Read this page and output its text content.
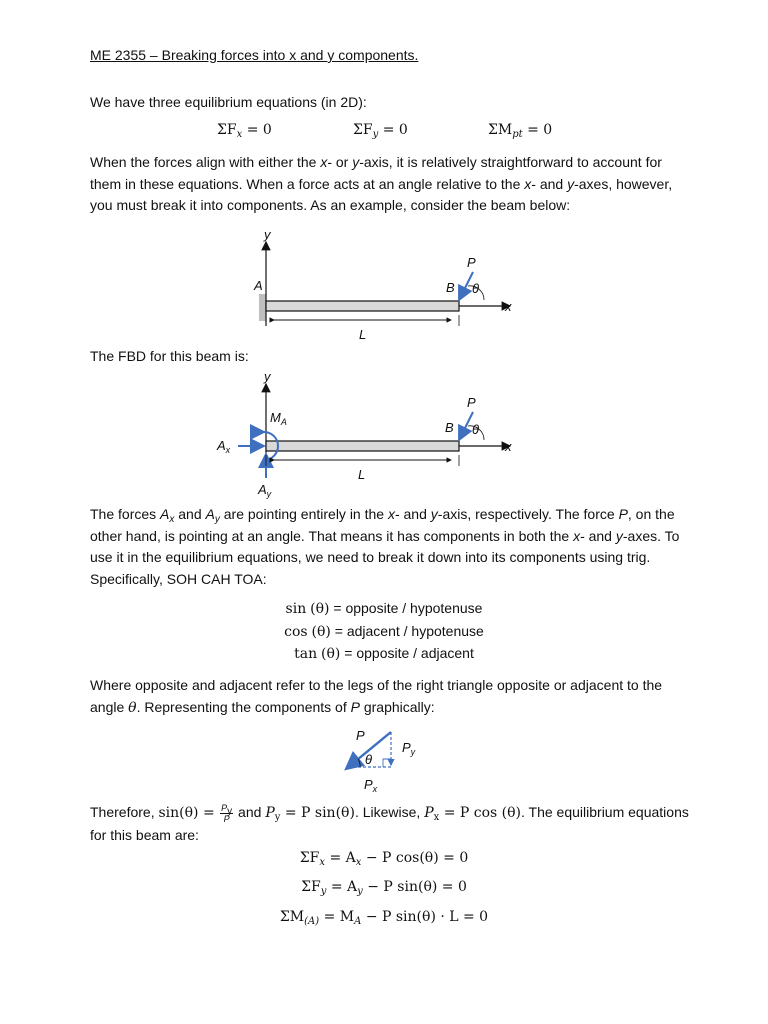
ME 2355 – Breaking forces into x and y components.
We have three equilibrium equations (in 2D):
$\Sigma F_x = 0$	$\Sigma F_y = 0$	$\Sigma M_{pt} = 0$
When the forces align with either the x- or y-axis, it is relatively straightforward to account for them in these equations. When a force acts at an angle relative to the x- and y-axes, however, you must break it into components. As an example, consider the beam below:
y
x
A	B
P
θ
L
The FBD for this beam is:
y
x
$A_x$
$A_y$
$M_A$	B
P
θ
L
The forces $A_x$ and $A_y$ are pointing entirely in the x- and y-axis, respectively. The force P, on the other hand, is pointing at an angle. That means it has components in both the x- and y-axes. To use it in the equilibrium equations, we need to break it down into its components using trig. Specifically, SOH CAH TOA:
sin (θ) = opposite / hypotenuse
cos (θ) = adjacent / hypotenuse
tan (θ) = opposite / adjacent
Where opposite and adjacent refer to the legs of the right triangle opposite or adjacent to the angle θ. Representing the components of P graphically:
P
$P_y$
$P_x$
θ
Therefore, $\sin(\theta) = \frac{P_y}{P}$ and $P_y = P$ sin(θ). Likewise, $P_x = P$ cos (θ). The equilibrium equations for this beam are:
$\Sigma F_x = A_x - P$ cos(θ) = 0
$\Sigma F_y = A_y - P$ sin(θ) = 0
$\Sigma M_{(A)} = M_A - P$ sin(θ) · L = 0
